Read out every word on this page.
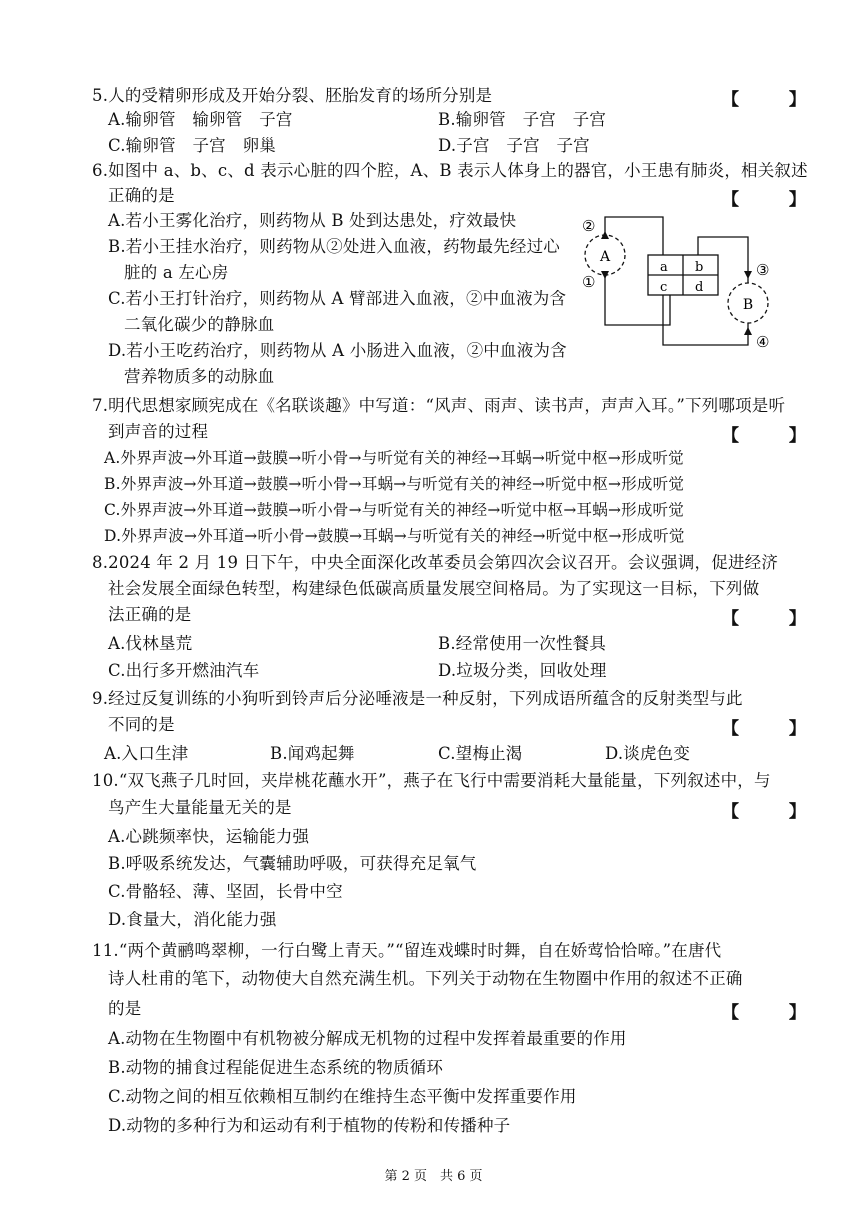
5.人的受精卵形成及开始分裂、胚胎发育的场所分别是	【 】
A.输卵管　输卵管　子宫	B.输卵管　子宫　子宫
C.输卵管　子宫　卵巢	D.子宫　子宫　子宫
6.如图中 a、b、c、d 表示心脏的四个腔，A、B 表示人体身上的器官，小王患有肺炎，相关叙述
正确的是	【 】
A.若小王雾化治疗，则药物从 B 处到达患处，疗效最快
B.若小王挂水治疗，则药物从②处进入血液，药物最先经过心
脏的 a 左心房
C.若小王打针治疗，则药物从 A 臂部进入血液，②中血液为含
二氧化碳少的静脉血
D.若小王吃药治疗，则药物从 A 小肠进入血液，②中血液为含
营养物质多的动脉血
A
B
a b
c d
②
①
③
④
7.明代思想家顾宪成在《名联谈趣》中写道：“风声、雨声、读书声，声声入耳。”下列哪项是听
到声音的过程	【 】
A.外界声波→外耳道→鼓膜→听小骨→与听觉有关的神经→耳蜗→听觉中枢→形成听觉
B.外界声波→外耳道→鼓膜→听小骨→耳蜗→与听觉有关的神经→听觉中枢→形成听觉
C.外界声波→外耳道→鼓膜→听小骨→与听觉有关的神经→听觉中枢→耳蜗→形成听觉
D.外界声波→外耳道→听小骨→鼓膜→耳蜗→与听觉有关的神经→听觉中枢→形成听觉
8.2024 年 2 月 19 日下午，中央全面深化改革委员会第四次会议召开。会议强调，促进经济
社会发展全面绿色转型，构建绿色低碳高质量发展空间格局。为了实现这一目标，下列做
法正确的是	【 】
A.伐林垦荒	B.经常使用一次性餐具
C.出行多开燃油汽车	D.垃圾分类，回收处理
9.经过反复训练的小狗听到铃声后分泌唾液是一种反射，下列成语所蕴含的反射类型与此
不同的是	【 】
A.入口生津	B.闻鸡起舞	C.望梅止渴	D.谈虎色变
10.“双飞燕子几时回，夹岸桃花蘸水开”，燕子在飞行中需要消耗大量能量，下列叙述中，与
鸟产生大量能量无关的是	【 】
A.心跳频率快，运输能力强
B.呼吸系统发达，气囊辅助呼吸，可获得充足氧气
C.骨骼轻、薄、坚固，长骨中空
D.食量大，消化能力强
11.“两个黄鹂鸣翠柳，一行白鹭上青天。”“留连戏蝶时时舞，自在娇莺恰恰啼。”在唐代
诗人杜甫的笔下，动物使大自然充满生机。下列关于动物在生物圈中作用的叙述不正确
的是	【 】
A.动物在生物圈中有机物被分解成无机物的过程中发挥着最重要的作用
B.动物的捕食过程能促进生态系统的物质循环
C.动物之间的相互依赖相互制约在维持生态平衡中发挥重要作用
D.动物的多种行为和运动有利于植物的传粉和传播种子
第 2 页　共 6 页
